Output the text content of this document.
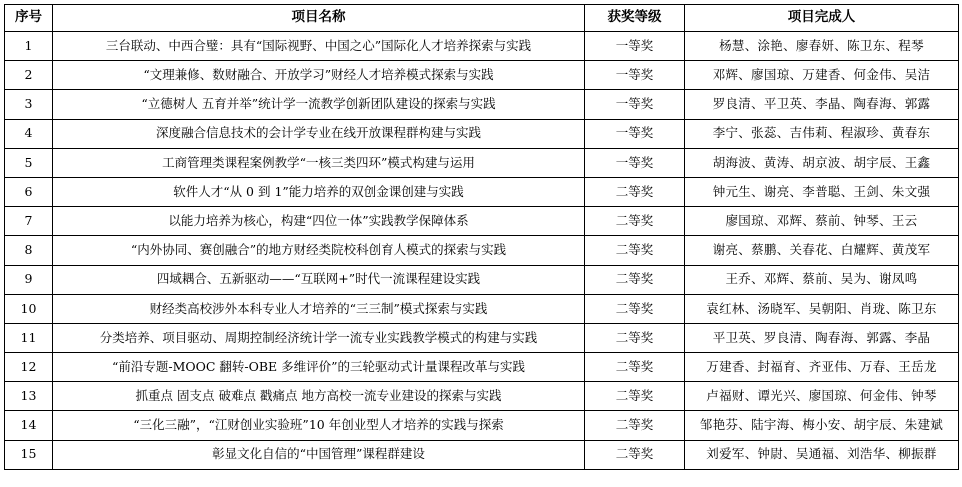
序号	项目名称	获奖等级	项目完成人
1	三台联动、中西合璧：具有“国际视野、中国之心”国际化人才培养探索与实践	一等奖	杨慧、涂艳、廖春妍、陈卫东、程琴
2	“文理兼修、数财融合、开放学习”财经人才培养模式探索与实践	一等奖	邓辉、廖国琼、万建香、何金伟、吴洁
3	“立德树人 五育并举”统计学一流教学创新团队建设的探索与实践	一等奖	罗良清、平卫英、李晶、陶春海、郭露
4	深度融合信息技术的会计学专业在线开放课程群构建与实践	一等奖	李宁、张蕊、吉伟莉、程淑珍、黄春东
5	工商管理类课程案例教学“一核三类四环”模式构建与运用	一等奖	胡海波、黄涛、胡京波、胡宇辰、王鑫
6	软件人才“从 0 到 1”能力培养的双创金课创建与实践	二等奖	钟元生、谢亮、李普聪、王剑、朱文强
7	以能力培养为核心，构建“四位一体”实践教学保障体系	二等奖	廖国琼、邓辉、蔡前、钟琴、王云
8	“内外协同、赛创融合”的地方财经类院校科创育人模式的探索与实践	二等奖	谢亮、蔡鹏、关春花、白耀辉、黄茂军
9	四域耦合、五新驱动——“互联网+”时代一流课程建设实践	二等奖	王乔、邓辉、蔡前、吴为、谢凤鸣
10	财经类高校涉外本科专业人才培养的“三三制”模式探索与实践	二等奖	袁红林、汤晓军、吴朝阳、肖珑、陈卫东
11	分类培养、项目驱动、周期控制经济统计学一流专业实践教学模式的构建与实践	二等奖	平卫英、罗良清、陶春海、郭露、李晶
12	“前沿专题-MOOC 翻转-OBE 多维评价”的三轮驱动式计量课程改革与实践	二等奖	万建香、封福育、齐亚伟、万春、王岳龙
13	抓重点 固支点 破难点 戳痛点 地方高校一流专业建设的探索与实践	二等奖	卢福财、谭光兴、廖国琼、何金伟、钟琴
14	“三化三融”，“江财创业实验班”10 年创业型人才培养的实践与探索	二等奖	邹艳芬、陆宇海、梅小安、胡宇辰、朱建斌
15	彰显文化自信的“中国管理”课程群建设	二等奖	刘爱军、钟尉、吴通福、刘浩华、柳振群
